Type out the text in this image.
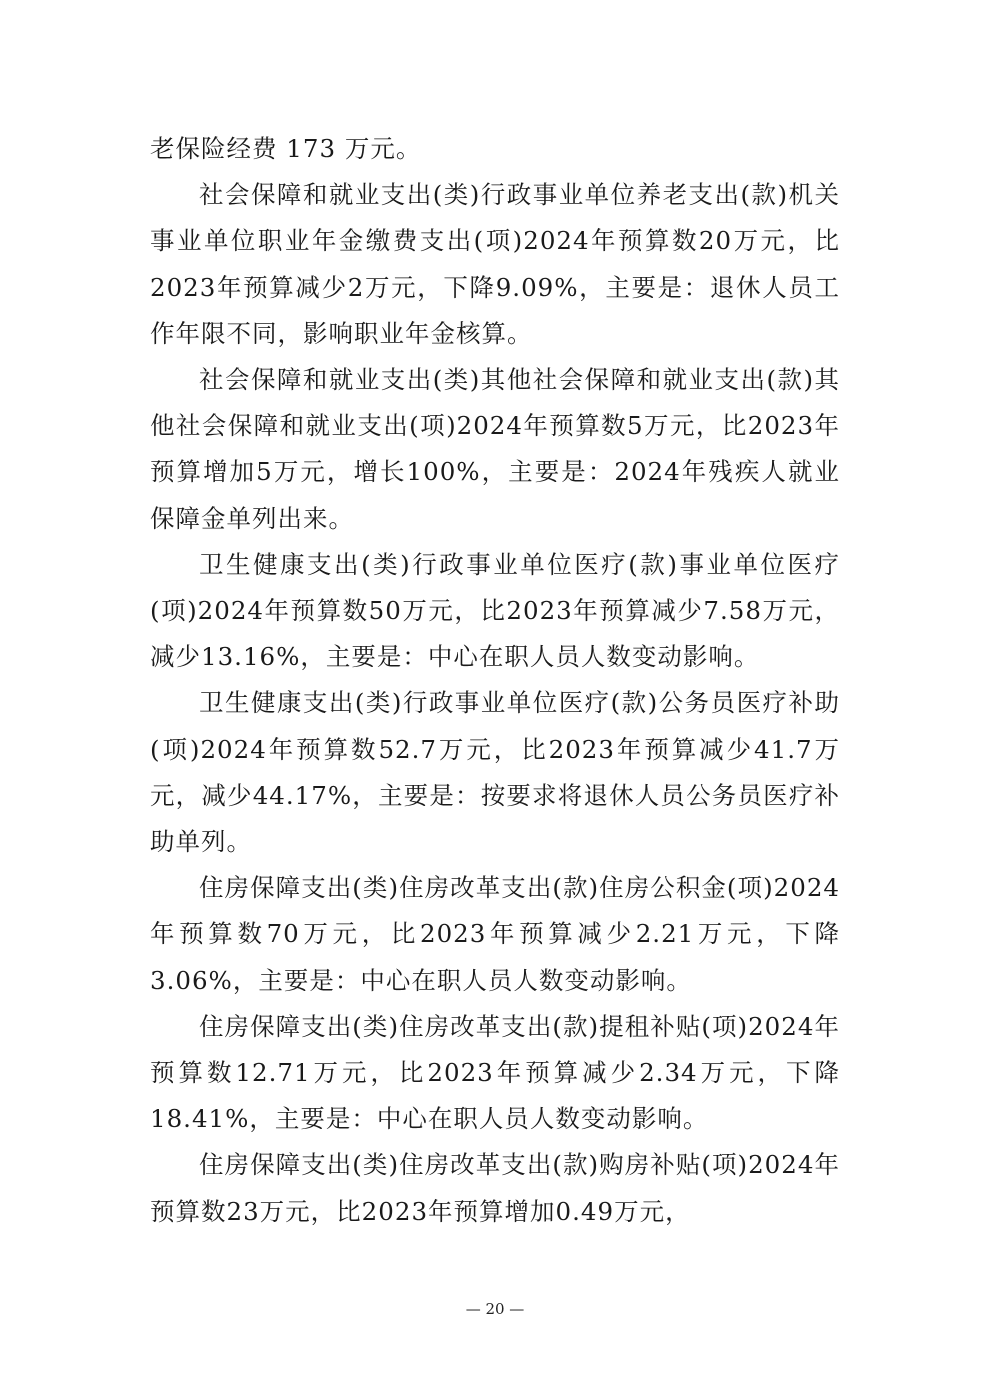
老保险经费 173 万元。

社会保障和就业支出(类)行政事业单位养老支出(款)机关事业单位职业年金缴费支出(项)2024年预算数20万元，比2023年预算减少2万元，下降9.09%，主要是：退休人员工作年限不同，影响职业年金核算。

社会保障和就业支出(类)其他社会保障和就业支出(款)其他社会保障和就业支出(项)2024年预算数5万元，比2023年预算增加5万元，增长100%，主要是：2024年残疾人就业保障金单列出来。

卫生健康支出(类)行政事业单位医疗(款)事业单位医疗(项)2024年预算数50万元，比2023年预算减少7.58万元，减少13.16%，主要是：中心在职人员人数变动影响。

卫生健康支出(类)行政事业单位医疗(款)公务员医疗补助(项)2024年预算数52.7万元，比2023年预算减少41.7万元，减少44.17%，主要是：按要求将退休人员公务员医疗补助单列。

住房保障支出(类)住房改革支出(款)住房公积金(项)2024年预算数70万元，比2023年预算减少2.21万元，下降3.06%，主要是：中心在职人员人数变动影响。

住房保障支出(类)住房改革支出(款)提租补贴(项)2024年预算数12.71万元，比2023年预算减少2.34万元，下降18.41%，主要是：中心在职人员人数变动影响。

住房保障支出(类)住房改革支出(款)购房补贴(项)2024年预算数23万元，比2023年预算增加0.49万元，

— 20 —
